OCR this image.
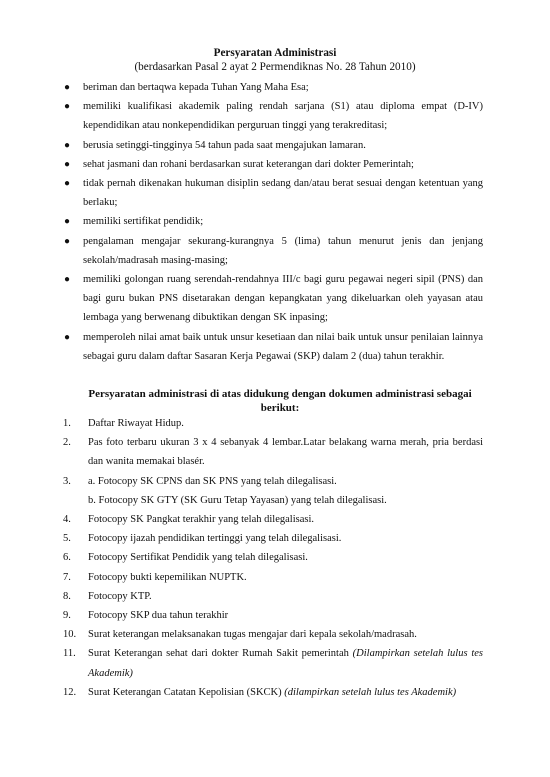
Persyaratan Administrasi
(berdasarkan Pasal 2 ayat 2 Permendiknas No. 28 Tahun 2010)
● beriman dan bertaqwa kepada Tuhan Yang Maha Esa;
● memiliki kualifikasi akademik paling rendah sarjana (S1) atau diploma empat (D-IV) kependidikan atau nonkependidikan perguruan tinggi yang terakreditasi;
● berusia setinggi-tingginya 54 tahun pada saat mengajukan lamaran.
● sehat jasmani dan rohani berdasarkan surat keterangan dari dokter Pemerintah;
● tidak pernah dikenakan hukuman disiplin sedang dan/atau berat sesuai dengan ketentuan yang berlaku;
● memiliki sertifikat pendidik;
● pengalaman mengajar sekurang-kurangnya 5 (lima) tahun menurut jenis dan jenjang sekolah/madrasah masing-masing;
● memiliki golongan ruang serendah-rendahnya III/c bagi guru pegawai negeri sipil (PNS) dan bagi guru bukan PNS disetarakan dengan kepangkatan yang dikeluarkan oleh yayasan atau lembaga yang berwenang dibuktikan dengan SK inpasing;
● memperoleh nilai amat baik untuk unsur kesetiaan dan nilai baik untuk unsur penilaian lainnya sebagai guru dalam daftar Sasaran Kerja Pegawai (SKP) dalam 2 (dua) tahun terakhir.
Persyaratan administrasi di atas didukung dengan dokumen administrasi sebagai berikut:
1. Daftar Riwayat Hidup.
2. Pas foto terbaru ukuran 3 x 4 sebanyak 4 lembar.Latar belakang warna merah, pria berdasi dan wanita memakai blasér.
3. a. Fotocopy SK CPNS dan SK PNS yang telah dilegalisasi.
b. Fotocopy SK GTY (SK Guru Tetap Yayasan) yang telah dilegalisasi.
4. Fotocopy SK Pangkat terakhir yang telah dilegalisasi.
5. Fotocopy ijazah pendidikan tertinggi yang telah dilegalisasi.
6. Fotocopy Sertifikat Pendidik yang telah dilegalisasi.
7. Fotocopy bukti kepemilikan NUPTK.
8. Fotocopy KTP.
9. Fotocopy SKP dua tahun terakhir
10. Surat keterangan melaksanakan tugas mengajar dari kepala sekolah/madrasah.
11. Surat Keterangan sehat dari dokter Rumah Sakit pemerintah (Dilampirkan setelah lulus tes Akademik)
12. Surat Keterangan Catatan Kepolisian (SKCK) (dilampirkan setelah lulus tes Akademik)
